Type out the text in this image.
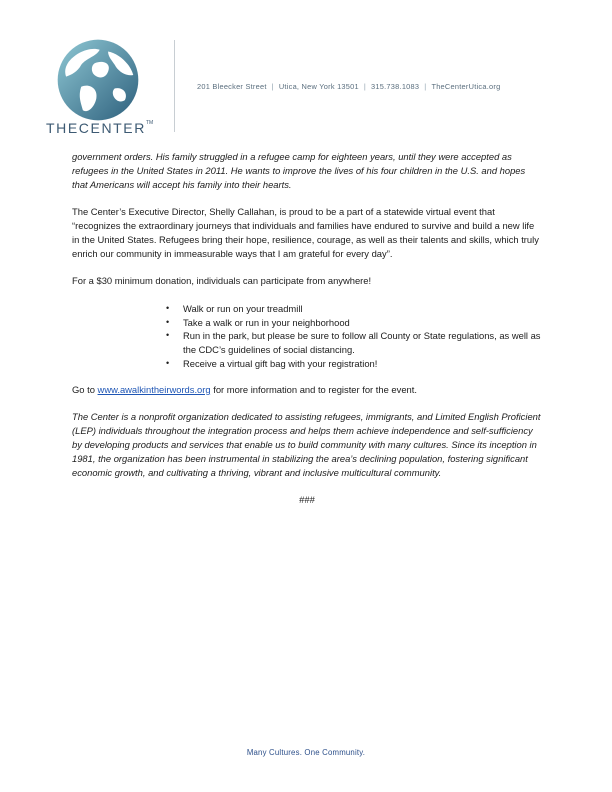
THECENTER™
201 Bleecker Street | Utica, New York 13501 | 315.738.1083 | TheCenterUtica.org

government orders. His family struggled in a refugee camp for eighteen years, until they were accepted as refugees in the United States in 2011. He wants to improve the lives of his four children in the U.S. and hopes that Americans will accept his family into their hearts.

The Center’s Executive Director, Shelly Callahan, is proud to be a part of a statewide virtual event that “recognizes the extraordinary journeys that individuals and families have endured to survive and build a new life in the United States. Refugees bring their hope, resilience, courage, as well as their talents and skills, which truly enrich our community in immeasurable ways that I am grateful for every day”.

For a $30 minimum donation, individuals can participate from anywhere!

• Walk or run on your treadmill
• Take a walk or run in your neighborhood
• Run in the park, but please be sure to follow all County or State regulations, as well as the CDC’s guidelines of social distancing.
• Receive a virtual gift bag with your registration!

Go to www.awalkintheirwords.org for more information and to register for the event.

The Center is a nonprofit organization dedicated to assisting refugees, immigrants, and Limited English Proficient (LEP) individuals throughout the integration process and helps them achieve independence and self-sufficiency by developing products and services that enable us to build community with many cultures. Since its inception in 1981, the organization has been instrumental in stabilizing the area’s declining population, fostering significant economic growth, and cultivating a thriving, vibrant and inclusive multicultural community.

###

Many Cultures. One Community.
